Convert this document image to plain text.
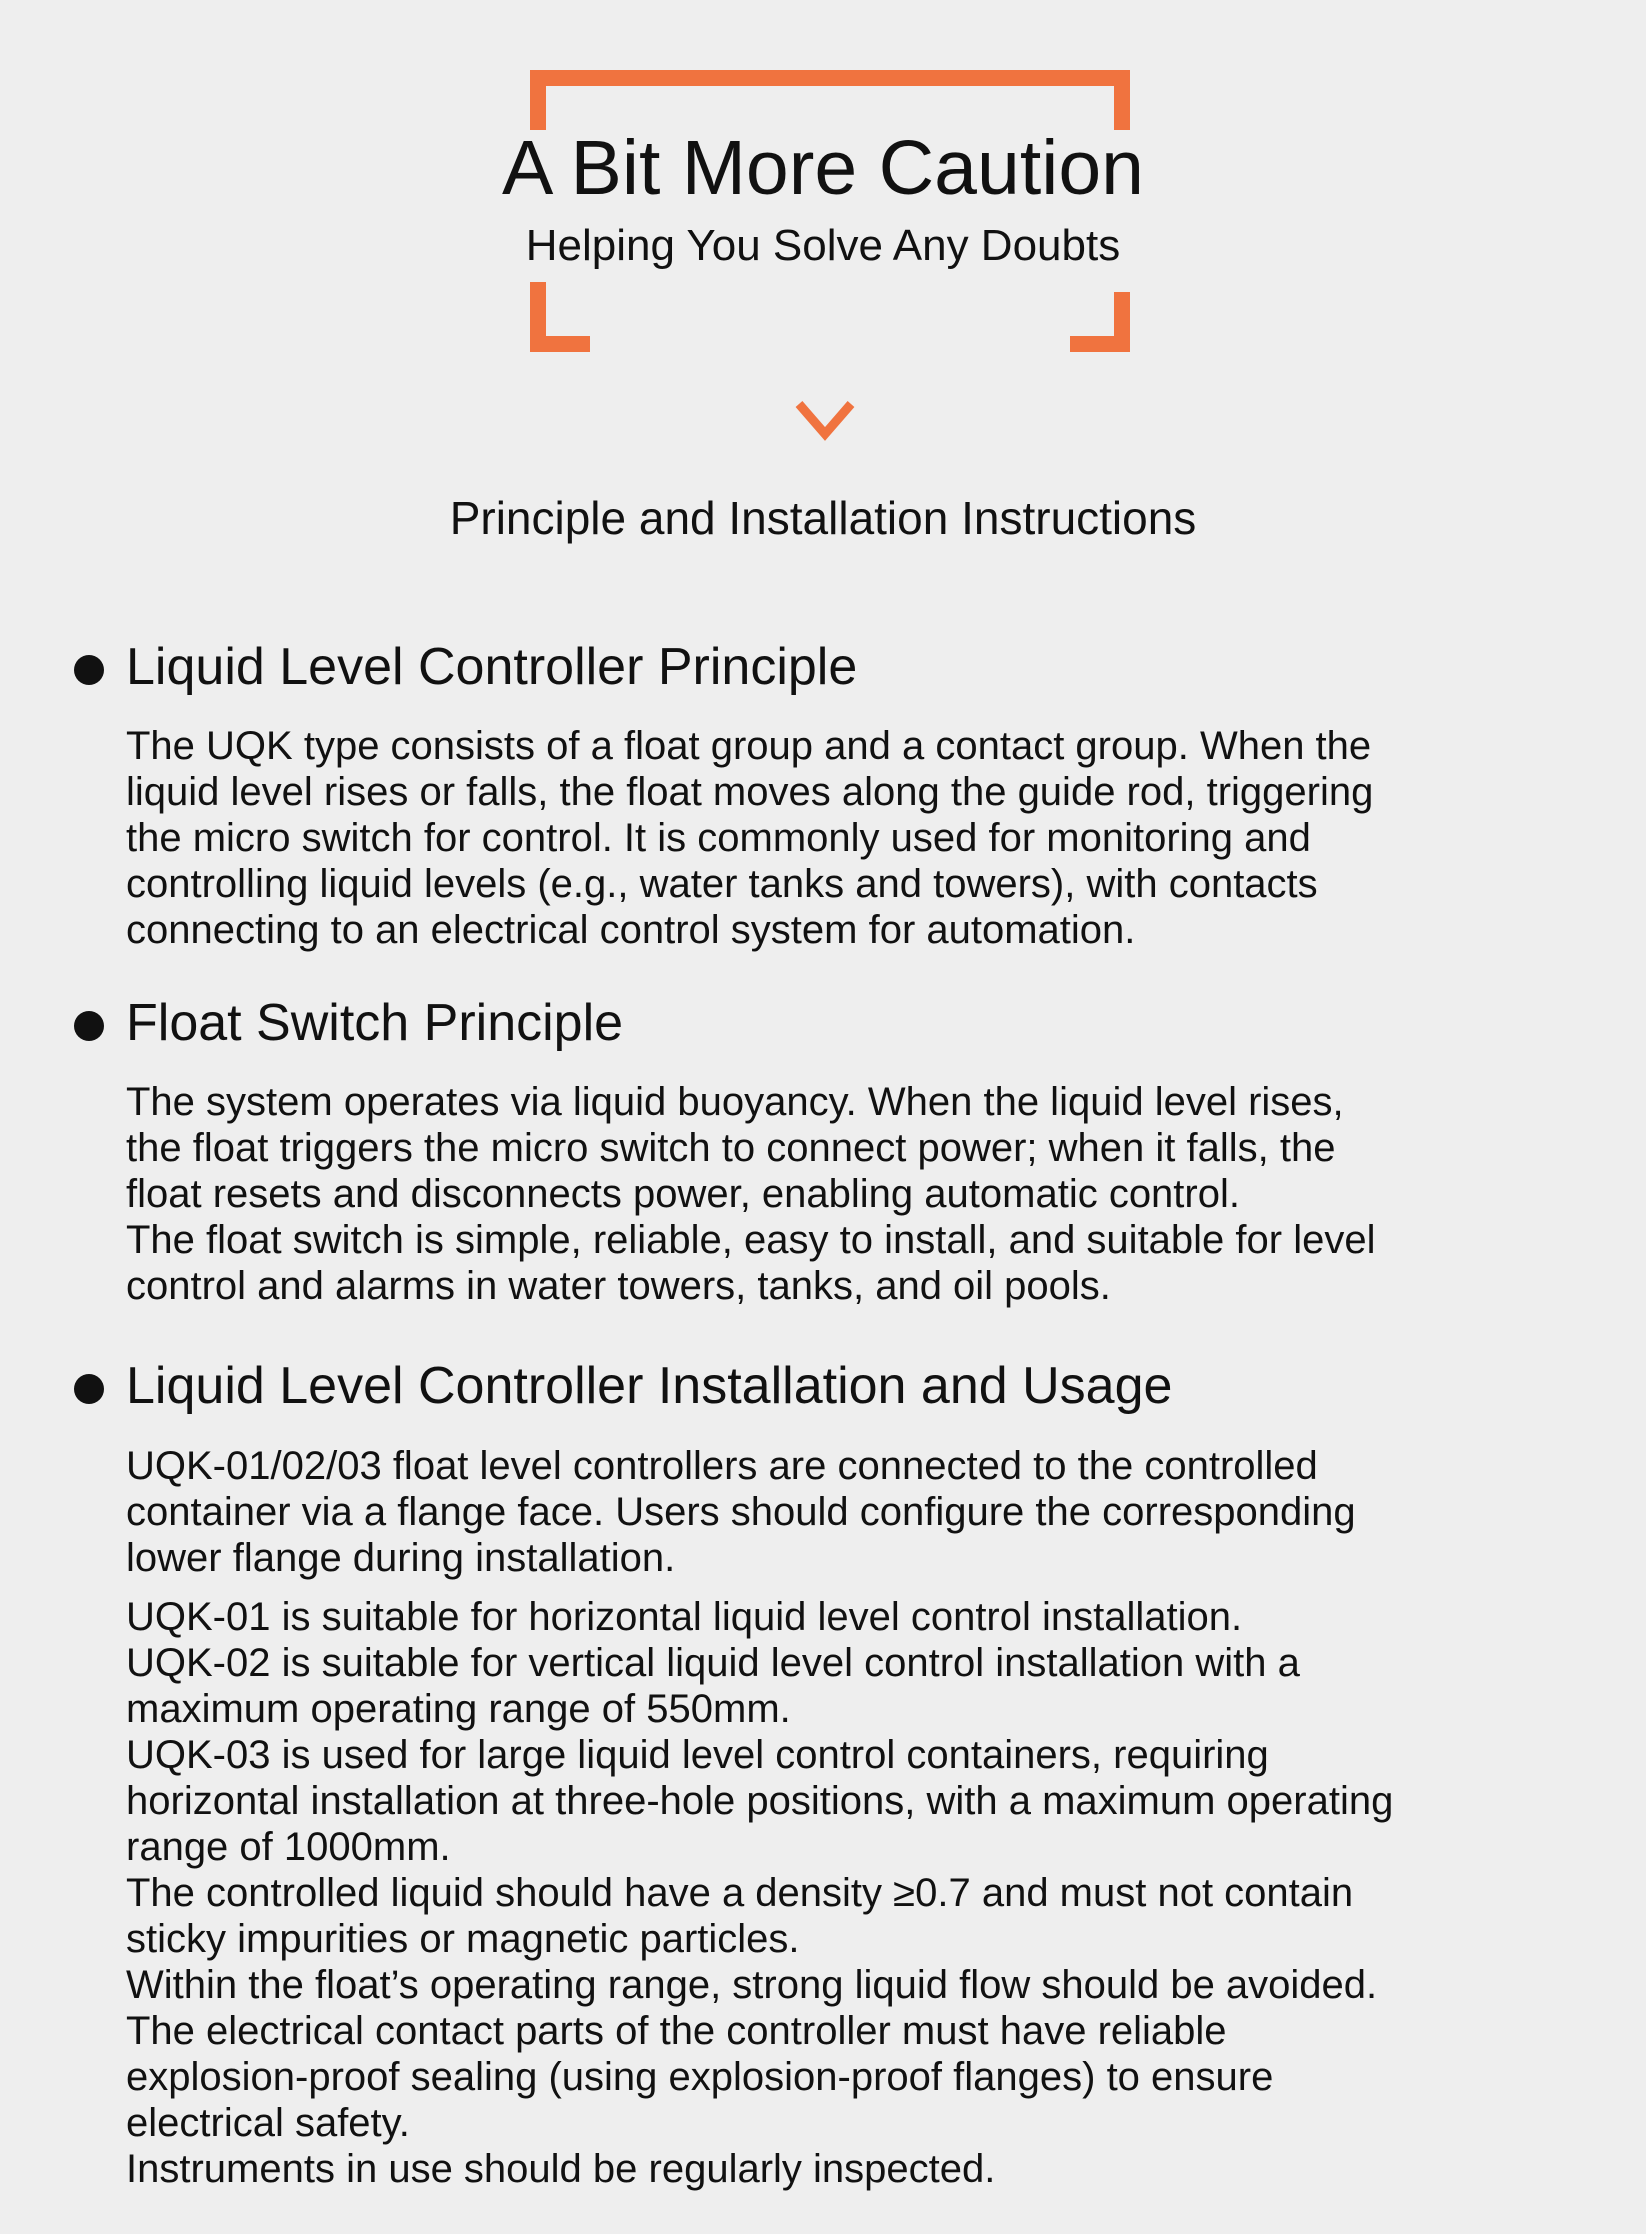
A Bit More Caution
Helping You Solve Any Doubts
Principle and Installation Instructions
Liquid Level Controller Principle
The UQK type consists of a float group and a contact group. When the
liquid level rises or falls, the float moves along the guide rod, triggering
the micro switch for control. It is commonly used for monitoring and
controlling liquid levels (e.g., water tanks and towers), with contacts
connecting to an electrical control system for automation.
Float Switch Principle
The system operates via liquid buoyancy. When the liquid level rises,
the float triggers the micro switch to connect power; when it falls, the
float resets and disconnects power, enabling automatic control.
The float switch is simple, reliable, easy to install, and suitable for level
control and alarms in water towers, tanks, and oil pools.
Liquid Level Controller Installation and Usage
UQK-01/02/03 float level controllers are connected to the controlled
container via a flange face. Users should configure the corresponding
lower flange during installation.
UQK-01 is suitable for horizontal liquid level control installation.
UQK-02 is suitable for vertical liquid level control installation with a
maximum operating range of 550mm.
UQK-03 is used for large liquid level control containers, requiring
horizontal installation at three-hole positions, with a maximum operating
range of 1000mm.
The controlled liquid should have a density ≥0.7 and must not contain
sticky impurities or magnetic particles.
Within the float’s operating range, strong liquid flow should be avoided.
The electrical contact parts of the controller must have reliable
explosion-proof sealing (using explosion-proof flanges) to ensure
electrical safety.
Instruments in use should be regularly inspected.
